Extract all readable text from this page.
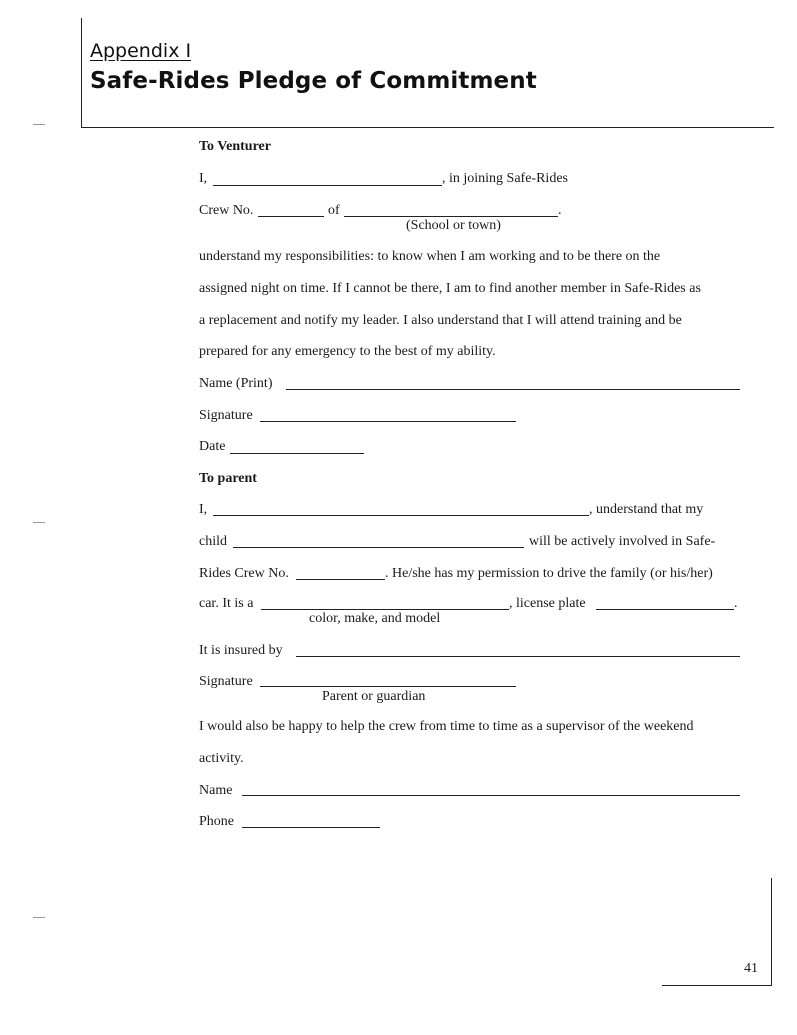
Appendix I
Safe-Rides Pledge of Commitment
To Venturer
I,	, in joining Safe-Rides
Crew No.	of	.
(School or town)
understand my responsibilities: to know when I am working and to be there on the
assigned night on time. If I cannot be there, I am to find another member in Safe-Rides as
a replacement and notify my leader. I also understand that I will attend training and be
prepared for any emergency to the best of my ability.
Name (Print)
Signature
Date
To parent
I,	, understand that my
child	will be actively involved in Safe-
Rides Crew No.	. He/she has my permission to drive the family (or his/her)
car. It is a	, license plate	.
color, make, and model
It is insured by
Signature
Parent or guardian
I would also be happy to help the crew from time to time as a supervisor of the weekend
activity.
Name
Phone
41
